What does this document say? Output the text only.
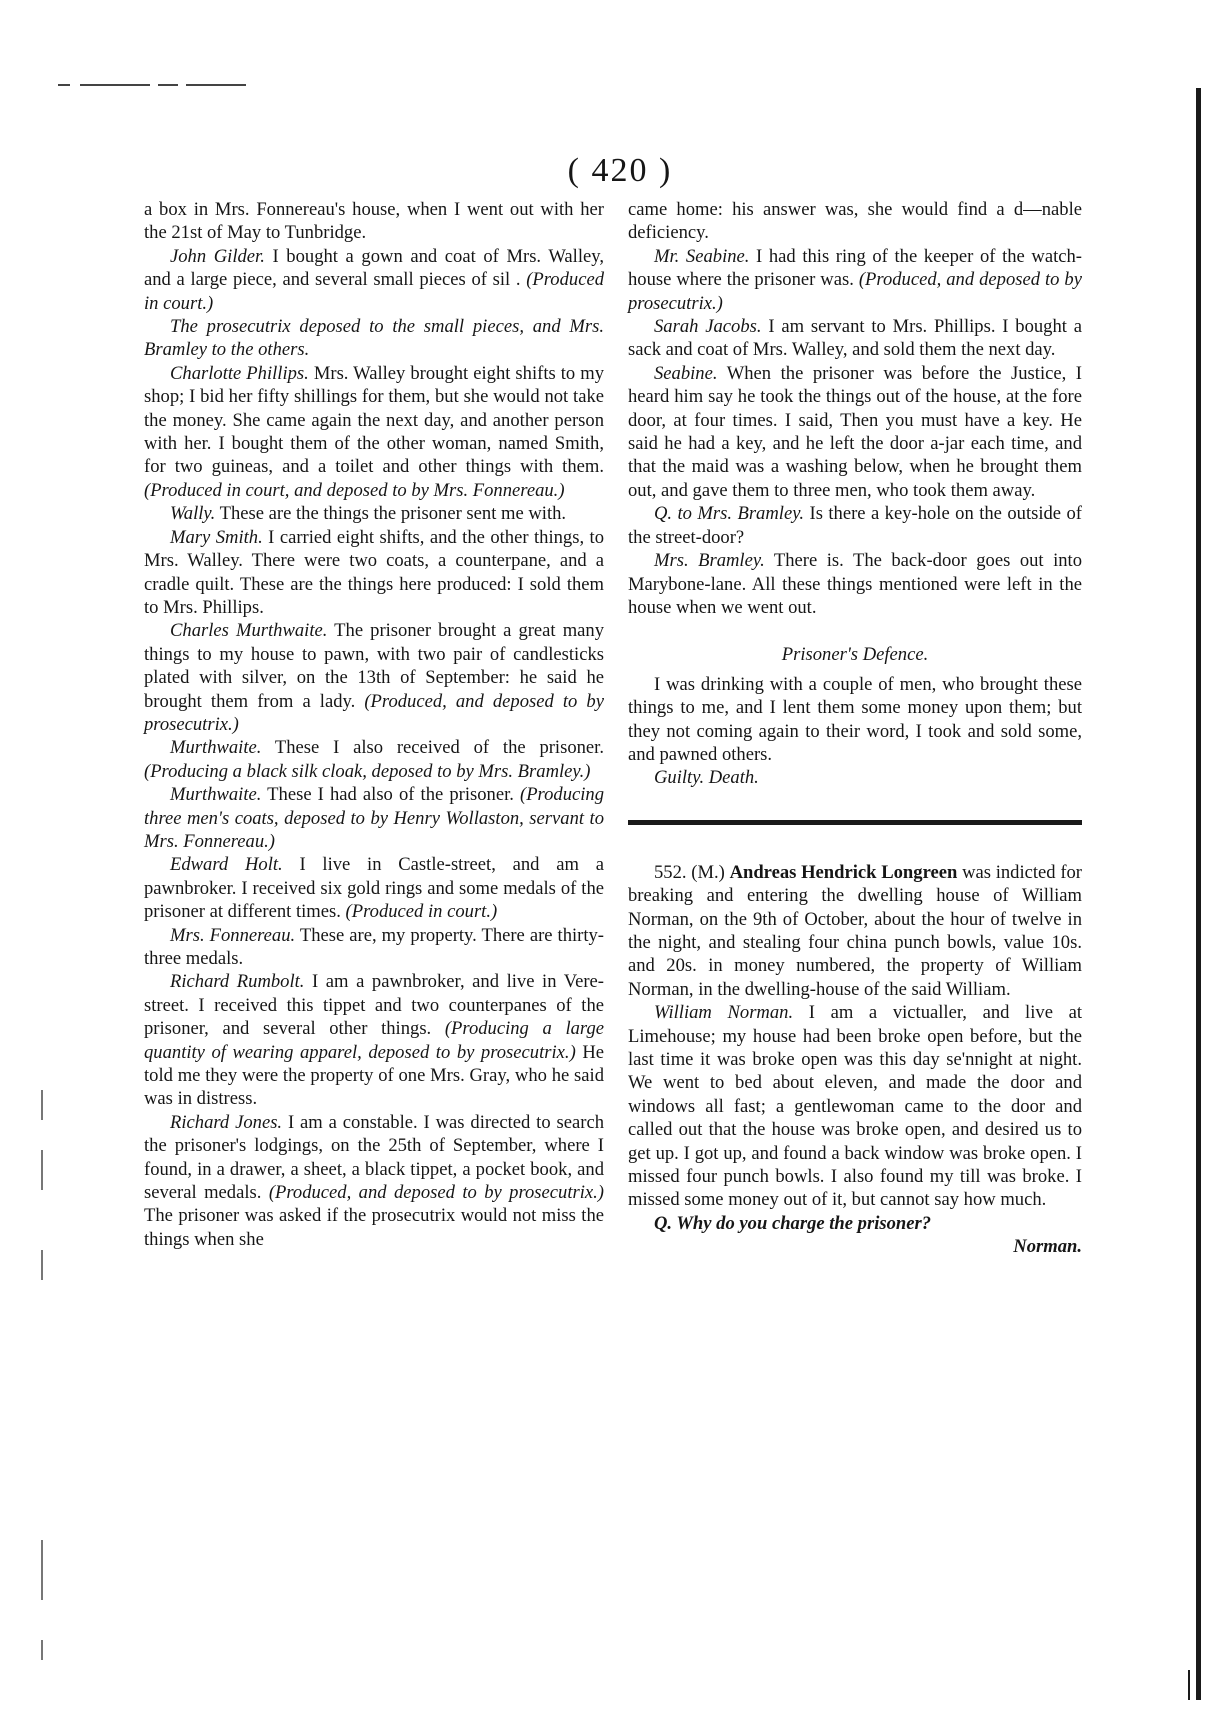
( 420 )

a box in Mrs. Fonnereau's house, when I went out with her the 21st of May to Tunbridge.

John Gilder. I bought a gown and coat of Mrs. Walley, and a large piece, and several small pieces of sil . (Produced in court.)

The prosecutrix deposed to the small pieces, and Mrs. Bramley to the others.

Charlotte Phillips. Mrs. Walley brought eight shifts to my shop; I bid her fifty shillings for them, but she would not take the money. She came again the next day, and another person with her. I bought them of the other woman, named Smith, for two guineas, and a toilet and other things with them. (Produced in court, and deposed to by Mrs. Fonnereau.)

Wally. These are the things the prisoner sent me with.

Mary Smith. I carried eight shifts, and the other things, to Mrs. Walley. There were two coats, a counterpane, and a cradle quilt. These are the things here produced: I sold them to Mrs. Phillips.

Charles Murthwaite. The prisoner brought a great many things to my house to pawn, with two pair of candlesticks plated with silver, on the 13th of September: he said he brought them from a lady. (Produced, and deposed to by prosecutrix.)

Murthwaite. These I also received of the prisoner. (Producing a black silk cloak, deposed to by Mrs. Bramley.)

Murthwaite. These I had also of the prisoner. (Producing three men's coats, deposed to by Henry Wollaston, servant to Mrs. Fonnereau.)

Edward Holt. I live in Castle-street, and am a pawnbroker. I received six gold rings and some medals of the prisoner at different times. (Produced in court.)

Mrs. Fonnereau. These are, my property. There are thirty-three medals.

Richard Rumbolt. I am a pawnbroker, and live in Vere-street. I received this tippet and two counterpanes of the prisoner, and several other things. (Producing a large quantity of wearing apparel, deposed to by prosecutrix.) He told me they were the property of one Mrs. Gray, who he said was in distress.

Richard Jones. I am a constable. I was directed to search the prisoner's lodgings, on the 25th of September, where I found, in a drawer, a sheet, a black tippet, a pocket book, and several medals. (Produced, and deposed to by prosecutrix.) The prisoner was asked if the prosecutrix would not miss the things when she

came home: his answer was, she would find a d—nable deficiency.

Mr. Seabine. I had this ring of the keeper of the watch-house where the prisoner was. (Produced, and deposed to by prosecutrix.)

Sarah Jacobs. I am servant to Mrs. Phillips. I bought a sack and coat of Mrs. Walley, and sold them the next day.

Seabine. When the prisoner was before the Justice, I heard him say he took the things out of the house, at the fore door, at four times. I said, Then you must have a key. He said he had a key, and he left the door a-jar each time, and that the maid was a washing below, when he brought them out, and gave them to three men, who took them away.

Q. to Mrs. Bramley. Is there a key-hole on the outside of the street-door?

Mrs. Bramley. There is. The back-door goes out into Marybone-lane. All these things mentioned were left in the house when we went out.

Prisoner's Defence.

I was drinking with a couple of men, who brought these things to me, and I lent them some money upon them; but they not coming again to their word, I took and sold some, and pawned others.

Guilty. Death.

552. (M.) Andreas Hendrick Longreen was indicted for breaking and entering the dwelling house of William Norman, on the 9th of October, about the hour of twelve in the night, and stealing four china punch bowls, value 10s. and 20s. in money numbered, the property of William Norman, in the dwelling-house of the said William.

William Norman. I am a victualler, and live at Limehouse; my house had been broke open before, but the last time it was broke open was this day se'nnight at night. We went to bed about eleven, and made the door and windows all fast; a gentlewoman came to the door and called out that the house was broke open, and desired us to get up. I got up, and found a back window was broke open. I missed four punch bowls. I also found my till was broke. I missed some money out of it, but cannot say how much.

Q. Why do you charge the prisoner?

Norman.
